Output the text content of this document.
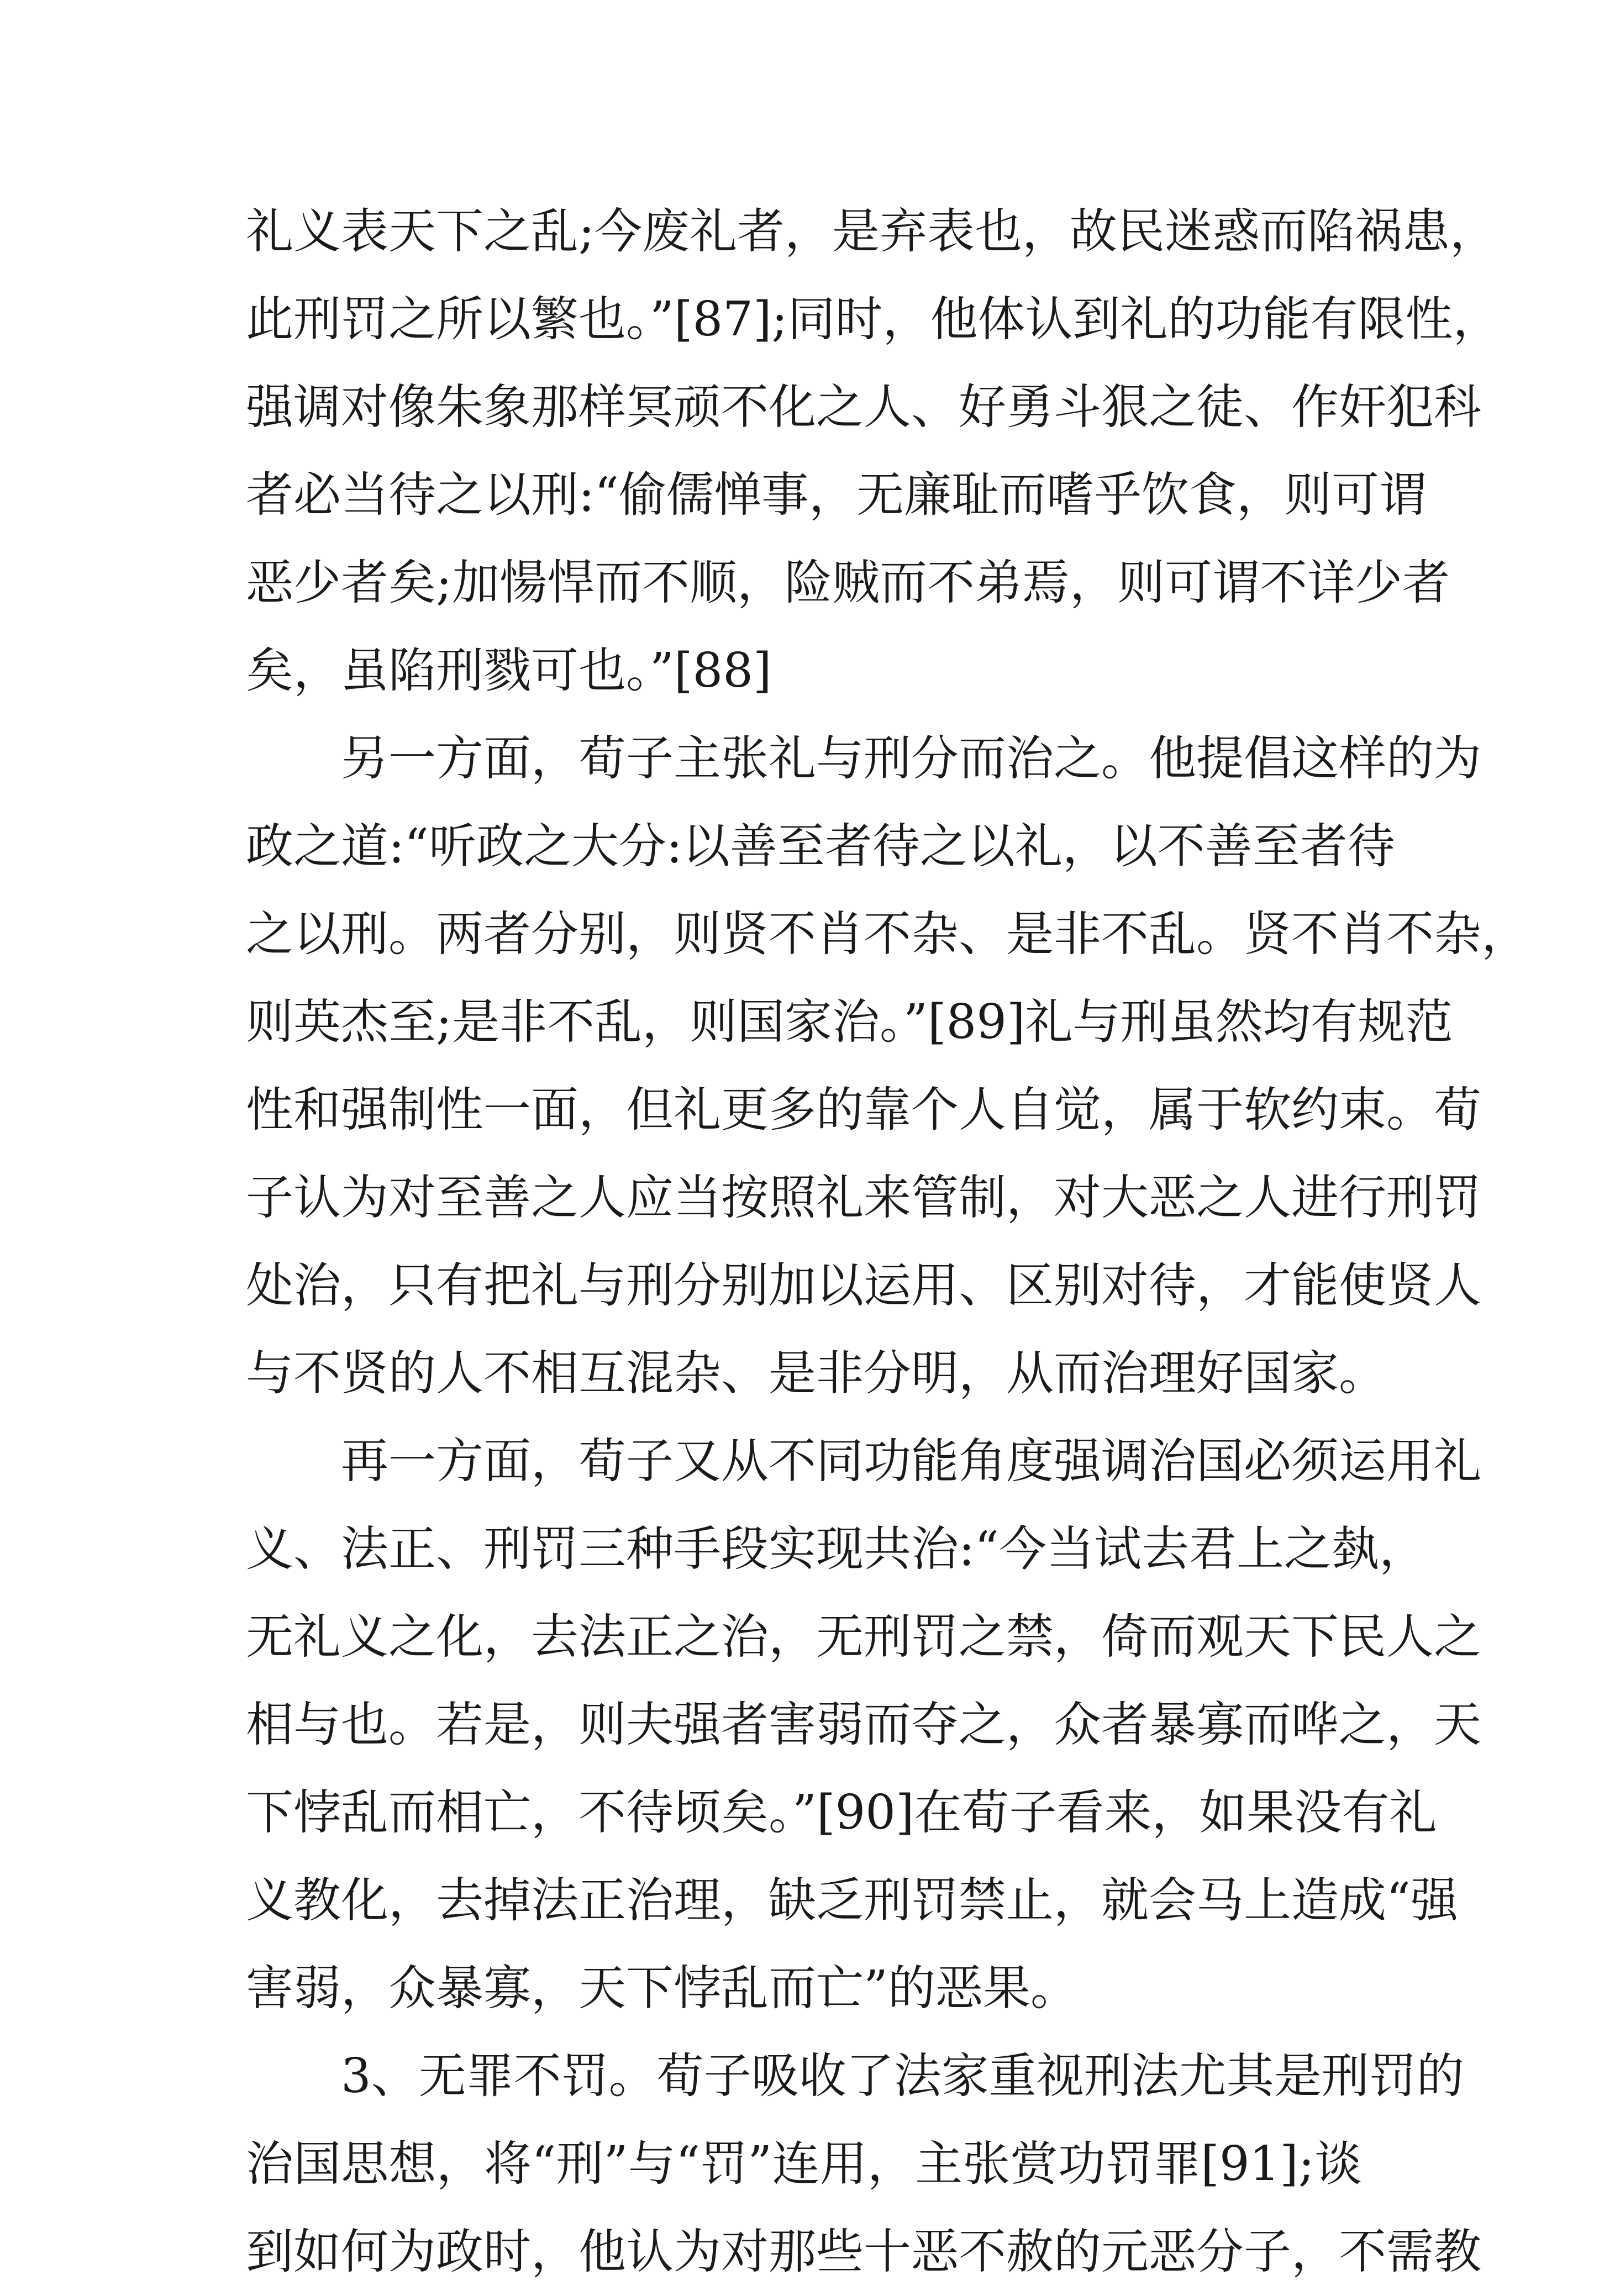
礼义表天下之乱;今废礼者，是弃表也，故民迷惑而陷祸患，
此刑罚之所以繁也。”[87];同时，他体认到礼的功能有限性，
强调对像朱象那样冥顽不化之人、好勇斗狠之徒、作奸犯科
者必当待之以刑:“偷儒惮事，无廉耻而嗜乎饮食，则可谓
恶少者矣;加愓悍而不顺，险贼而不弟焉，则可谓不详少者
矣，虽陷刑戮可也。”[88]
另一方面，荀子主张礼与刑分而治之。他提倡这样的为
政之道:“听政之大分:以善至者待之以礼，以不善至者待
之以刑。两者分别，则贤不肖不杂、是非不乱。贤不肖不杂，
则英杰至;是非不乱，则国家治。”[89]礼与刑虽然均有规范
性和强制性一面，但礼更多的靠个人自觉，属于软约束。荀
子认为对至善之人应当按照礼来管制，对大恶之人进行刑罚
处治，只有把礼与刑分别加以运用、区别对待，才能使贤人
与不贤的人不相互混杂、是非分明，从而治理好国家。
再一方面，荀子又从不同功能角度强调治国必须运用礼
义、法正、刑罚三种手段实现共治:“今当试去君上之埶，
无礼义之化，去法正之治，无刑罚之禁，倚而观天下民人之
相与也。若是，则夫强者害弱而夺之，众者暴寡而哗之，天
下悖乱而相亡，不待顷矣。”[90]在荀子看来，如果没有礼
义教化，去掉法正治理，缺乏刑罚禁止，就会马上造成“强
害弱，众暴寡，天下悖乱而亡”的恶果。
3、无罪不罚。荀子吸收了法家重视刑法尤其是刑罚的
治国思想，将“刑”与“罚”连用，主张赏功罚罪[91];谈
到如何为政时，他认为对那些十恶不赦的元恶分子，不需教
